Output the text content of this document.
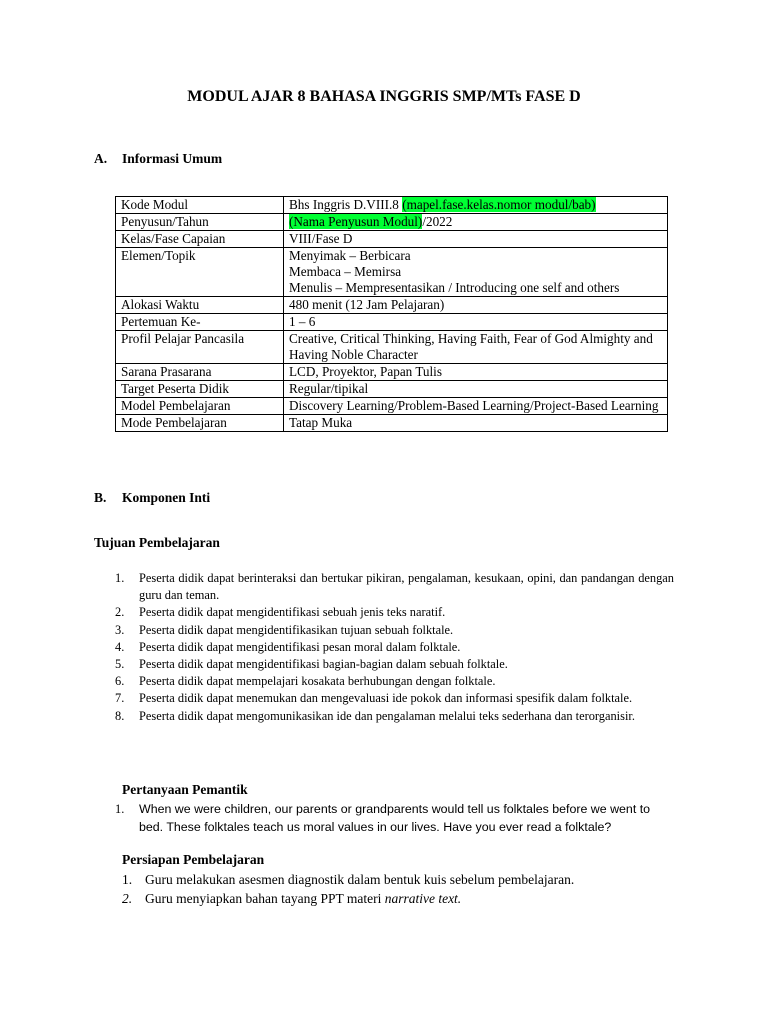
MODUL AJAR 8 BAHASA INGGRIS SMP/MTs FASE D
A. Informasi Umum
Kode Modul	Bhs Inggris D.VIII.8 (mapel.fase.kelas.nomor modul/bab)
Penyusun/Tahun	(Nama Penyusun Modul)/2022
Kelas/Fase Capaian	VIII/Fase D
Elemen/Topik	Menyimak – Berbicara
Membaca – Memirsa
Menulis – Mempresentasikan / Introducing one self and others

Alokasi Waktu	480 menit (12 Jam Pelajaran)
Pertemuan Ke-	1 – 6
Profil Pelajar Pancasila	Creative, Critical Thinking, Having Faith, Fear of God Almighty and Having Noble Character
Sarana Prasarana	LCD, Proyektor, Papan Tulis
Target Peserta Didik	Regular/tipikal
Model Pembelajaran	Discovery Learning/Problem-Based Learning/Project-Based Learning
Mode Pembelajaran	Tatap Muka
B. Komponen Inti
Tujuan Pembelajaran
1. Peserta didik dapat berinteraksi dan bertukar pikiran, pengalaman, kesukaan, opini, dan pandangan dengan guru dan teman.
2. Peserta didik dapat mengidentifikasi sebuah jenis teks naratif.
3. Peserta didik dapat mengidentifikasikan tujuan sebuah folktale.
4. Peserta didik dapat mengidentifikasi pesan moral dalam folktale.
5. Peserta didik dapat mengidentifikasi bagian-bagian dalam sebuah folktale.
6. Peserta didik dapat mempelajari kosakata berhubungan dengan folktale.
7. Peserta didik dapat menemukan dan mengevaluasi ide pokok dan informasi spesifik dalam folktale.
8. Peserta didik dapat mengomunikasikan ide dan pengalaman melalui teks sederhana dan terorganisir.
Pertanyaan Pemantik
1. When we were children, our parents or grandparents would tell us folktales before we went to bed. These folktales teach us moral values in our lives. Have you ever read a folktale?
Persiapan Pembelajaran
1. Guru melakukan asesmen diagnostik dalam bentuk kuis sebelum pembelajaran.
2. Guru menyiapkan bahan tayang PPT materi narrative text.
